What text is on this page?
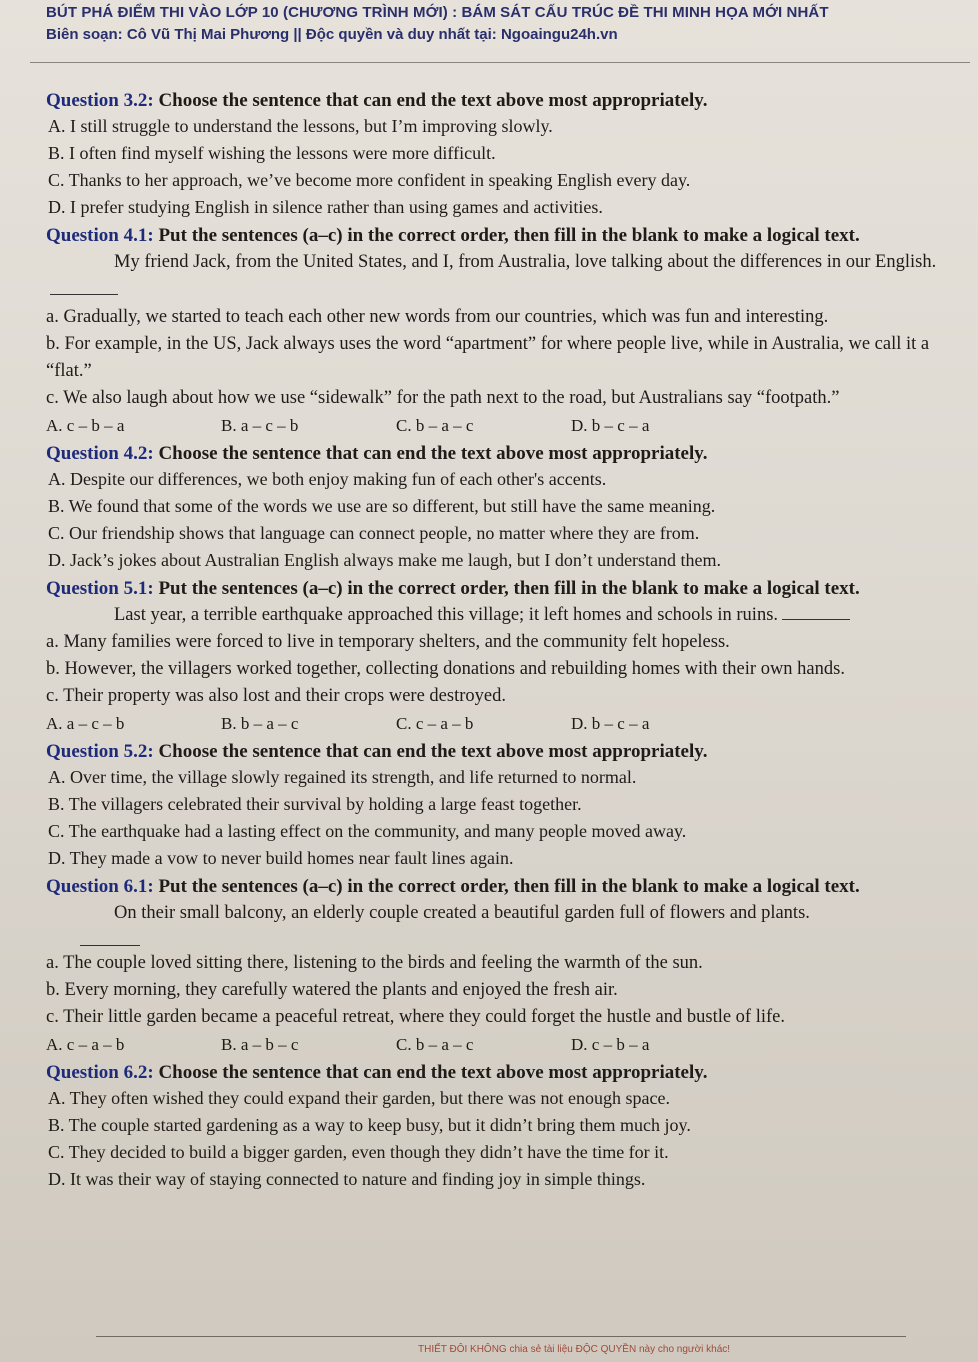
BÚT PHÁ ĐIỂM THI VÀO LỚP 10 (CHƯƠNG TRÌNH MỚI) : BÁM SÁT CẤU TRÚC ĐỀ THI MINH HỌA MỚI NHẤT
Biên soạn: Cô Vũ Thị Mai Phương || Độc quyền và duy nhất tại: Ngoaingu24h.vn
Question 3.2: Choose the sentence that can end the text above most appropriately.
A. I still struggle to understand the lessons, but I’m improving slowly.
B. I often find myself wishing the lessons were more difficult.
C. Thanks to her approach, we’ve become more confident in speaking English every day.
D. I prefer studying English in silence rather than using games and activities.
Question 4.1: Put the sentences (a–c) in the correct order, then fill in the blank to make a logical text.
My friend Jack, from the United States, and I, from Australia, love talking about the differences in our English.
a. Gradually, we started to teach each other new words from our countries, which was fun and interesting.
b. For example, in the US, Jack always uses the word “apartment” for where people live, while in Australia, we call it a “flat.”
c. We also laugh about how we use “sidewalk” for the path next to the road, but Australians say “footpath.”
A. c – b – a	B. a – c – b	C. b – a – c	D. b – c – a
Question 4.2: Choose the sentence that can end the text above most appropriately.
A. Despite our differences, we both enjoy making fun of each other's accents.
B. We found that some of the words we use are so different, but still have the same meaning.
C. Our friendship shows that language can connect people, no matter where they are from.
D. Jack’s jokes about Australian English always make me laugh, but I don’t understand them.
Question 5.1: Put the sentences (a–c) in the correct order, then fill in the blank to make a logical text.
Last year, a terrible earthquake approached this village; it left homes and schools in ruins.
a. Many families were forced to live in temporary shelters, and the community felt hopeless.
b. However, the villagers worked together, collecting donations and rebuilding homes with their own hands.
c. Their property was also lost and their crops were destroyed.
A. a – c – b	B. b – a – c	C. c – a – b	D. b – c – a
Question 5.2: Choose the sentence that can end the text above most appropriately.
A. Over time, the village slowly regained its strength, and life returned to normal.
B. The villagers celebrated their survival by holding a large feast together.
C. The earthquake had a lasting effect on the community, and many people moved away.
D. They made a vow to never build homes near fault lines again.
Question 6.1: Put the sentences (a–c) in the correct order, then fill in the blank to make a logical text.
On their small balcony, an elderly couple created a beautiful garden full of flowers and plants.
a. The couple loved sitting there, listening to the birds and feeling the warmth of the sun.
b. Every morning, they carefully watered the plants and enjoyed the fresh air.
c. Their little garden became a peaceful retreat, where they could forget the hustle and bustle of life.
A. c – a – b	B. a – b – c	C. b – a – c	D. c – b – a
Question 6.2: Choose the sentence that can end the text above most appropriately.
A. They often wished they could expand their garden, but there was not enough space.
B. The couple started gardening as a way to keep busy, but it didn’t bring them much joy.
C. They decided to build a bigger garden, even though they didn’t have the time for it.
D. It was their way of staying connected to nature and finding joy in simple things.
THIẾT ĐÔI KHÔNG chia sẻ tài liệu ĐỘC QUYỀN này cho người khác!
